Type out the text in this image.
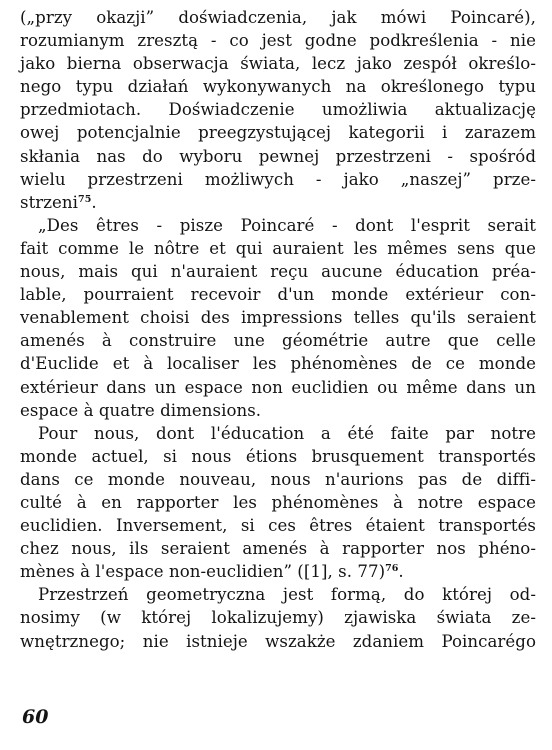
(„przy okazji” doświadczenia, jak mówi Poincaré),
rozumianym zresztą - co jest godne podkreślenia - nie
jako bierna obserwacja świata, lecz jako zespół określo-
nego typu działań wykonywanych na określonego typu
przedmiotach. Doświadczenie umożliwia aktualizację
owej potencjalnie preegzystującej kategorii i zarazem
skłania nas do wyboru pewnej przestrzeni - spośród
wielu przestrzeni możliwych - jako „naszej” prze-
strzeni$^{75}$.
„Des êtres - pisze Poincaré - dont l'esprit serait
fait comme le nôtre et qui auraient les mêmes sens que
nous, mais qui n'auraient reçu aucune éducation préa-
lable, pourraient recevoir d'un monde extérieur con-
venablement choisi des impressions telles qu'ils seraient
amenés à construire une géométrie autre que celle
d'Euclide et à localiser les phénomènes de ce monde
extérieur dans un espace non euclidien ou même dans un
espace à quatre dimensions.
Pour nous, dont l'éducation a été faite par notre
monde actuel, si nous étions brusquement transportés
dans ce monde nouveau, nous n'aurions pas de diffi-
culté à en rapporter les phénomènes à notre espace
euclidien. Inversement, si ces êtres étaient transportés
chez nous, ils seraient amenés à rapporter nos phéno-
mènes à l'espace non-euclidien” ([1], s. 77)$^{76}$.
Przestrzeń geometryczna jest formą, do której od-
nosimy (w której lokalizujemy) zjawiska świata ze-
wnętrznego; nie istnieje wszakże zdaniem Poincarégo
60
